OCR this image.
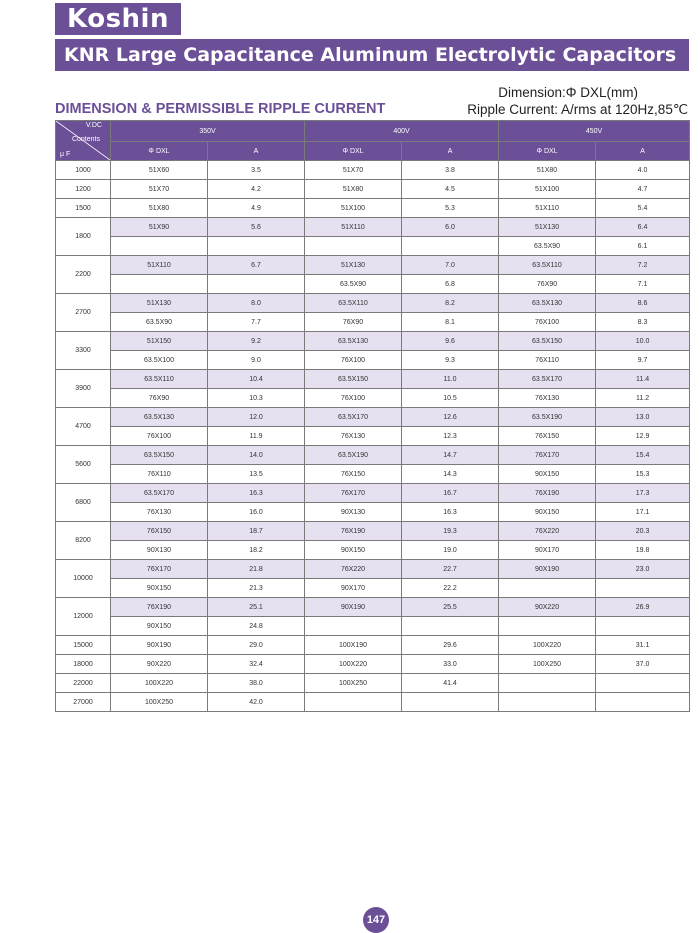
Koshin
KNR Large Capacitance Aluminum Electrolytic Capacitors
Dimension:Φ DXL(mm)
DIMENSION & PERMISSIBLE RIPPLE CURRENT	Ripple Current: A/rms at 120Hz,85℃
V.DC
Contents
μ F	350V		400V		450V	
	Φ DXL	A	Φ DXL	A	Φ DXL	A
1000	51X60	3.5	51X70	3.8	51X80	4.0
1200	51X70	4.2	51X80	4.5	51X100	4.7
1500	51X80	4.9	51X100	5.3	51X110	5.4
1800	51X90	5.6	51X110	6.0	51X130	6.4
					63.5X90	6.1
2200	51X110	6.7	51X130	7.0	63.5X110	7.2
			63.5X90	6.8	76X90	7.1
2700	51X130	8.0	63.5X110	8.2	63.5X130	8.6
	63.5X90	7.7	76X90	8.1	76X100	8.3
3300	51X150	9.2	63.5X130	9.6	63.5X150	10.0
	63.5X100	9.0	76X100	9.3	76X110	9.7
3900	63.5X110	10.4	63.5X150	11.0	63.5X170	11.4
	76X90	10.3	76X100	10.5	76X130	11.2
4700	63.5X130	12.0	63.5X170	12.6	63.5X190	13.0
	76X100	11.9	76X130	12.3	76X150	12.9
5600	63.5X150	14.0	63.5X190	14.7	76X170	15.4
	76X110	13.5	76X150	14.3	90X150	15.3
6800	63.5X170	16.3	76X170	16.7	76X190	17.3
	76X130	16.0	90X130	16.3	90X150	17.1
8200	76X150	18.7	76X190	19.3	76X220	20.3
	90X130	18.2	90X150	19.0	90X170	19.8
10000	76X170	21.8	76X220	22.7	90X190	23.0
	90X150	21.3	90X170	22.2		
12000	76X190	25.1	90X190	25.5	90X220	26.9
	90X150	24.8				
15000	90X190	29.0	100X190	29.6	100X220	31.1
18000	90X220	32.4	100X220	33.0	100X250	37.0
22000	100X220	38.0	100X250	41.4		
27000	100X250	42.0				
147
